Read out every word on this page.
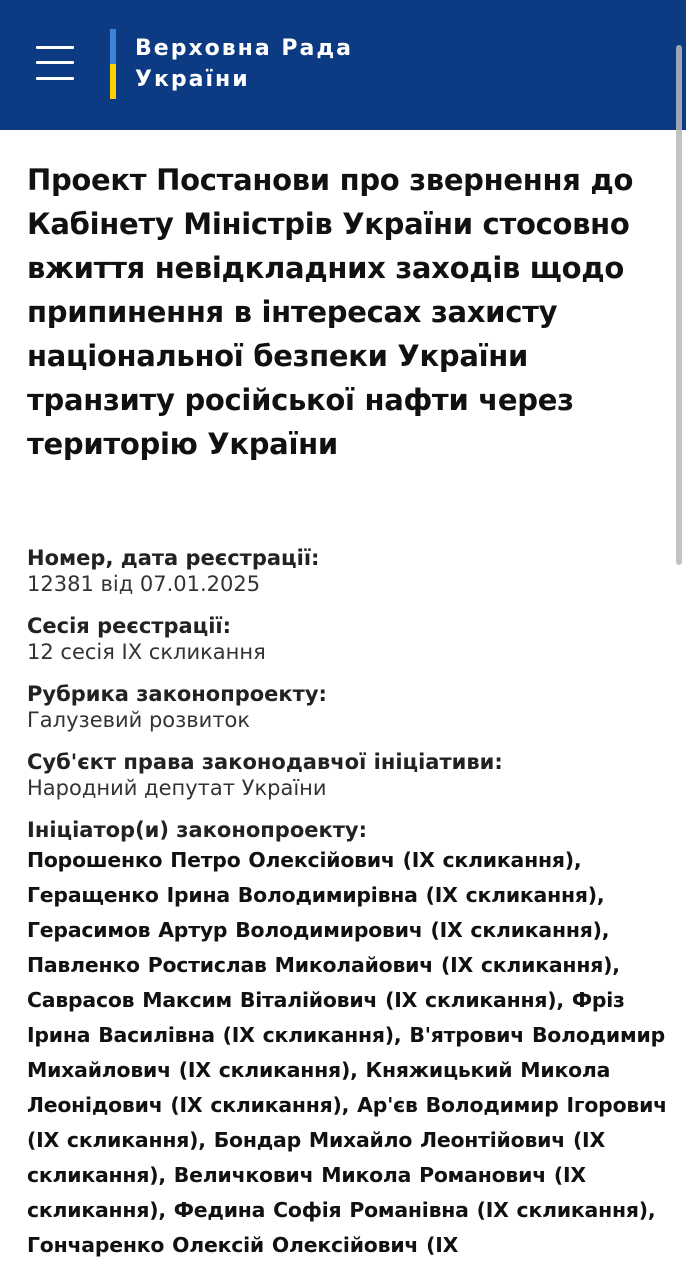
Верховна Рада
України
Проект Постанови про звернення до Кабінету Міністрів України стосовно вжиття невідкладних заходів щодо припинення в інтересах захисту національної безпеки України транзиту російської нафти через територію України
Номер, дата реєстрації:
12381 від 07.01.2025
Сесія реєстрації:
12 сесія IX скликання
Рубрика законопроекту:
Галузевий розвиток
Суб'єкт права законодавчої ініціативи:
Народний депутат України
Ініціатор(и) законопроекту:
Порошенко Петро Олексійович (IX скликання), Геращенко Ірина Володимирівна (IX скликання), Герасимов Артур Володимирович (IX скликання), Павленко Ростислав Миколайович (IX скликання), Саврасов Максим Віталійович (IX скликання), Фріз Ірина Василівна (IX скликання), В'ятрович Володимир Михайлович (IX скликання), Княжицький Микола Леонідович (IX скликання), Ар'єв Володимир Ігорович (IX скликання), Бондар Михайло Леонтійович (IX скликання), Величкович Микола Романович (IX скликання), Федина Софія Романівна (IX скликання), Гончаренко Олексій Олексійович (IX
